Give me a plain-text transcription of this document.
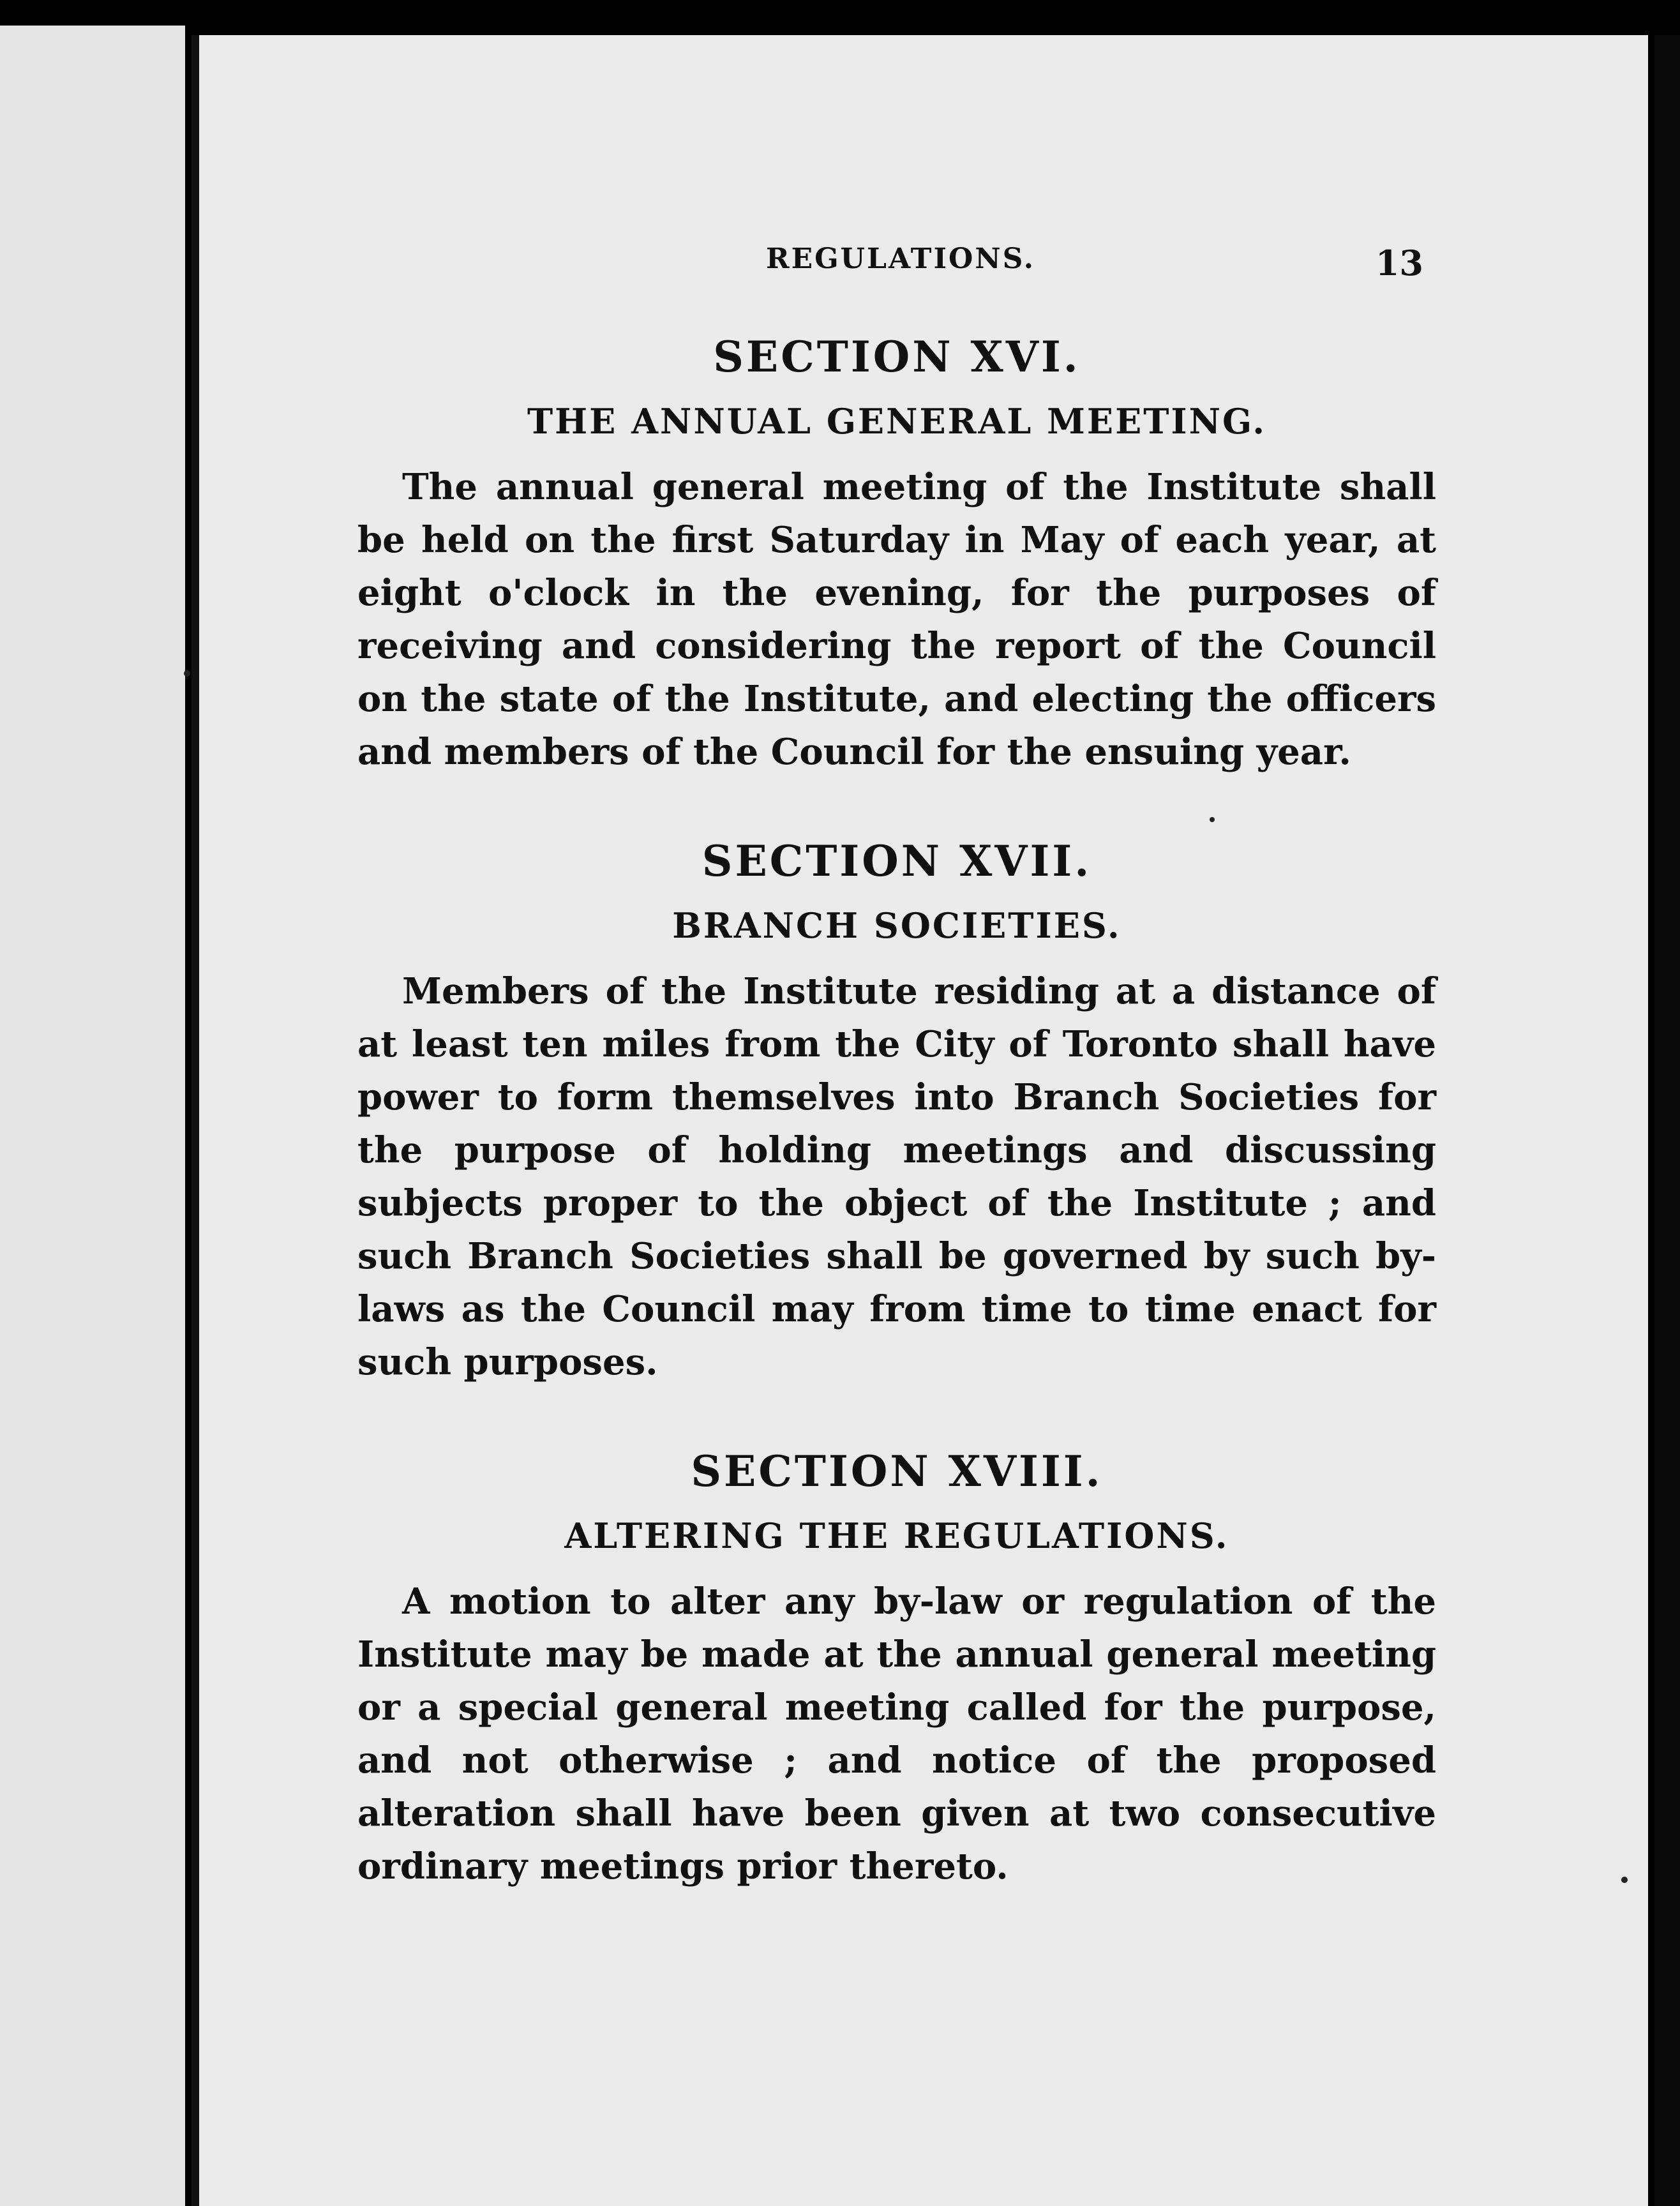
REGULATIONS.	13
SECTION XVI.
THE ANNUAL GENERAL MEETING.

The annual general meeting of the Institute shall be held on the first Saturday in May of each year, at eight o'clock in the evening, for the purposes of receiving and considering the report of the Council on the state of the Institute, and electing the officers and members of the Council for the ensuing year.

SECTION XVII.
BRANCH SOCIETIES.

Members of the Institute residing at a distance of at least ten miles from the City of Toronto shall have power to form themselves into Branch Societies for the purpose of holding meetings and discussing subjects proper to the object of the Institute ; and such Branch Societies shall be governed by such by-laws as the Council may from time to time enact for such purposes.

SECTION XVIII.
ALTERING THE REGULATIONS.

A motion to alter any by-law or regulation of the Institute may be made at the annual general meeting or a special general meeting called for the purpose, and not otherwise ; and notice of the proposed alteration shall have been given at two consecutive ordinary meetings prior thereto.
